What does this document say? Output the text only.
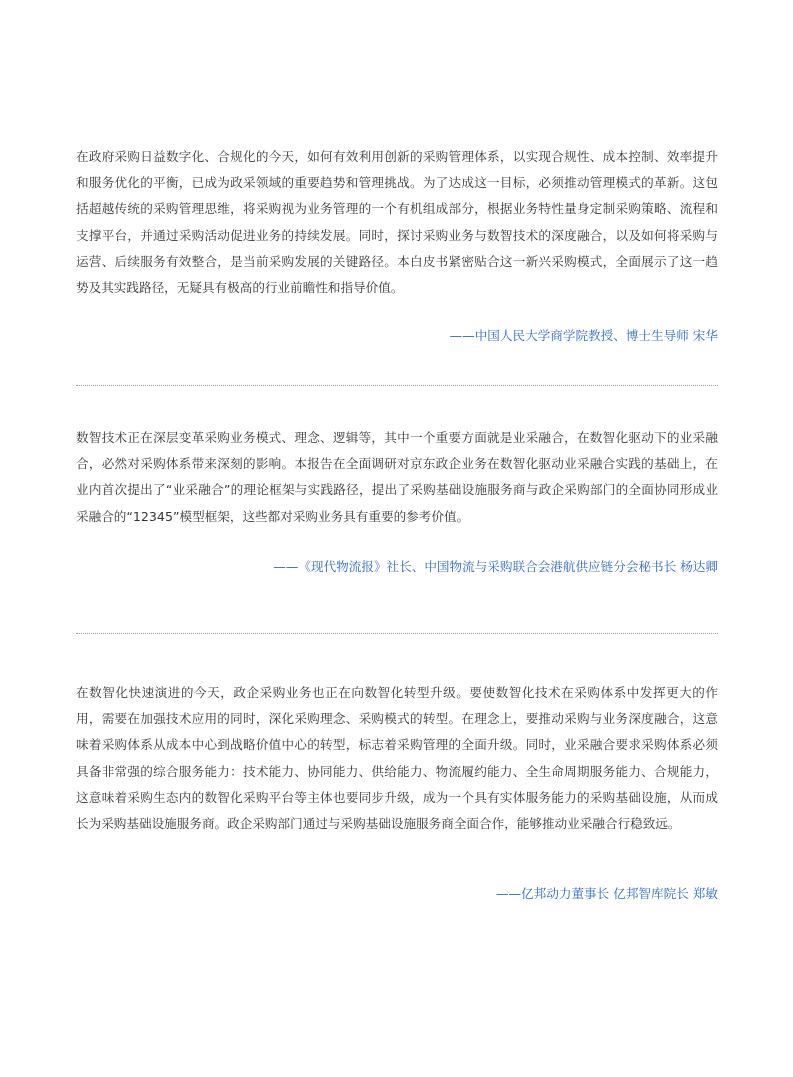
在政府采购日益数字化、合规化的今天，如何有效利用创新的采购管理体系，以实现合规性、成本控制、效率提升和服务优化的平衡，已成为政采领域的重要趋势和管理挑战。为了达成这一目标，必须推动管理模式的革新。这包括超越传统的采购管理思维，将采购视为业务管理的一个有机组成部分，根据业务特性量身定制采购策略、流程和支撑平台，并通过采购活动促进业务的持续发展。同时，探讨采购业务与数智技术的深度融合，以及如何将采购与运营、后续服务有效整合，是当前采购发展的关键路径。本白皮书紧密贴合这一新兴采购模式，全面展示了这一趋势及其实践路径，无疑具有极高的行业前瞻性和指导价值。

——中国人民大学商学院教授、博士生导师 宋华

数智技术正在深层变革采购业务模式、理念、逻辑等，其中一个重要方面就是业采融合，在数智化驱动下的业采融合，必然对采购体系带来深刻的影响。本报告在全面调研对京东政企业务在数智化驱动业采融合实践的基础上，在业内首次提出了“业采融合”的理论框架与实践路径，提出了采购基础设施服务商与政企采购部门的全面协同形成业采融合的“12345”模型框架，这些都对采购业务具有重要的参考价值。

——《现代物流报》社长、中国物流与采购联合会港航供应链分会秘书长 杨达卿

在数智化快速演进的今天，政企采购业务也正在向数智化转型升级。要使数智化技术在采购体系中发挥更大的作用，需要在加强技术应用的同时，深化采购理念、采购模式的转型。在理念上，要推动采购与业务深度融合，这意味着采购体系从成本中心到战略价值中心的转型，标志着采购管理的全面升级。同时，业采融合要求采购体系必须具备非常强的综合服务能力：技术能力、协同能力、供给能力、物流履约能力、全生命周期服务能力、合规能力，这意味着采购生态内的数智化采购平台等主体也要同步升级，成为一个具有实体服务能力的采购基础设施，从而成长为采购基础设施服务商。政企采购部门通过与采购基础设施服务商全面合作，能够推动业采融合行稳致远。

——亿邦动力董事长 亿邦智库院长 郑敏
